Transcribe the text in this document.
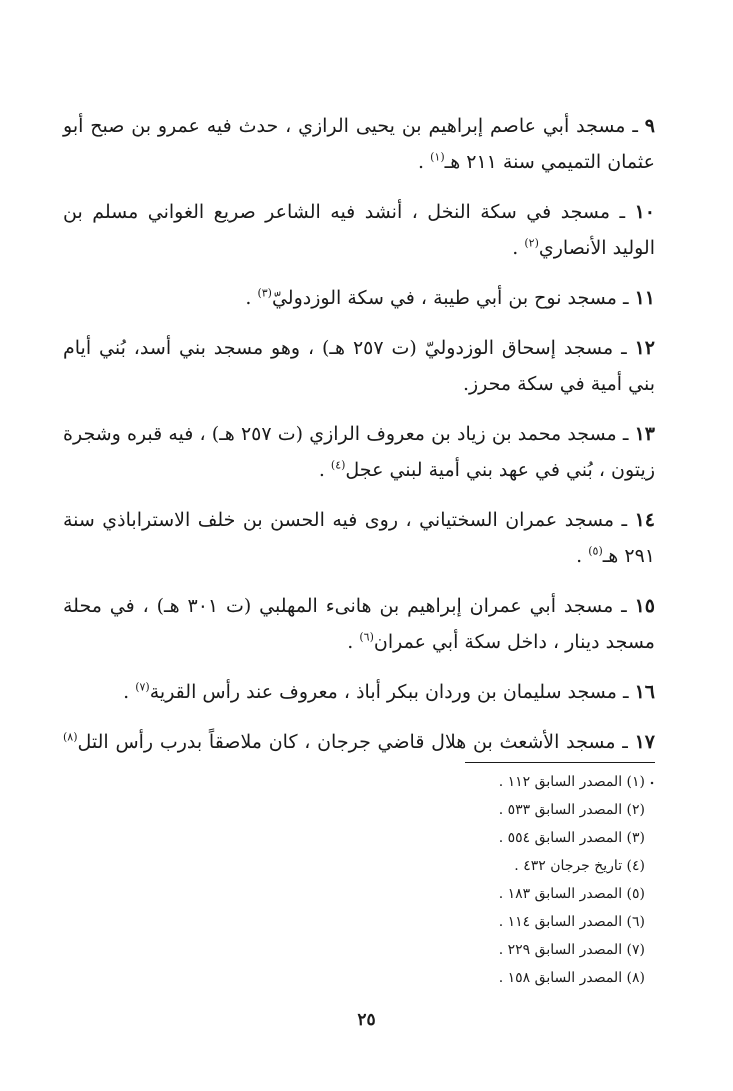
٩ ـ مسجد أبي عاصم إبراهيم بن يحيى الرازي ، حدث فيه عمرو بن صبح أبو عثمان التميمي سنة ٢١١ هـ$^{(١)}$ .

١٠ ـ مسجد في سكة النخل ، أنشد فيه الشاعر صريع الغواني مسلم بن الوليد الأنصاري$^{(٢)}$ .

١١ ـ مسجد نوح بن أبي طيبة ، في سكة الوزدوليّ$^{(٣)}$ .

١٢ ـ مسجد إسحاق الوزدوليّ (ت ٢٥٧ هـ) ، وهو مسجد بني أسد، بُني أيام بني أمية في سكة محرز.

١٣ ـ مسجد محمد بن زياد بن معروف الرازي (ت ٢٥٧ هـ) ، فيه قبره وشجرة زيتون ، بُني في عهد بني أمية لبني عجل$^{(٤)}$ .

١٤ ـ مسجد عمران السختياني ، روى فيه الحسن بن خلف الاستراباذي سنة ٢٩١ هـ$^{(٥)}$ .

١٥ ـ مسجد أبي عمران إبراهيم بن هانىء المهلبي (ت ٣٠١ هـ) ، في محلة مسجد دينار ، داخل سكة أبي عمران$^{(٦)}$ .

١٦ ـ مسجد سليمان بن وردان ببكر أباذ ، معروف عند رأس القرية$^{(٧)}$ .

١٧ ـ مسجد الأشعث بن هلال قاضي جرجان ، كان ملاصقاً بدرب رأس التل$^{(٨)}$ .

(١) المصدر السابق ١١٢ .
(٢) المصدر السابق ٥٣٣ .
(٣) المصدر السابق ٥٥٤ .
(٤) تاريخ جرجان ٤٣٢ .
(٥) المصدر السابق ١٨٣ .
(٦) المصدر السابق ١١٤ .
(٧) المصدر السابق ٢٢٩ .
(٨) المصدر السابق ١٥٨ .
٢٥
